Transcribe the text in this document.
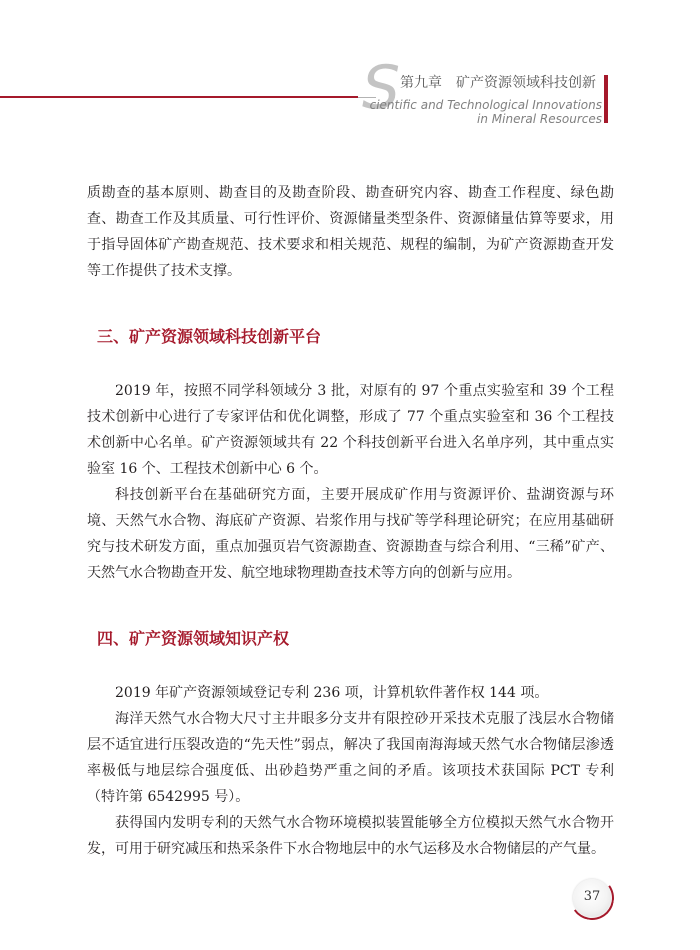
S 第九章　矿产资源领域科技创新
cientific and Technological Innovations
in Mineral Resources

质勘查的基本原则、勘查目的及勘查阶段、勘查研究内容、勘查工作程度、绿色勘查、勘查工作及其质量、可行性评价、资源储量类型条件、资源储量估算等要求，用于指导固体矿产勘查规范、技术要求和相关规范、规程的编制，为矿产资源勘查开发等工作提供了技术支撑。

三、矿产资源领域科技创新平台

2019 年，按照不同学科领域分 3 批，对原有的 97 个重点实验室和 39 个工程技术创新中心进行了专家评估和优化调整，形成了 77 个重点实验室和 36 个工程技术创新中心名单。矿产资源领域共有 22 个科技创新平台进入名单序列，其中重点实验室 16 个、工程技术创新中心 6 个。

科技创新平台在基础研究方面，主要开展成矿作用与资源评价、盐湖资源与环境、天然气水合物、海底矿产资源、岩浆作用与找矿等学科理论研究；在应用基础研究与技术研发方面，重点加强页岩气资源勘查、资源勘查与综合利用、“三稀”矿产、天然气水合物勘查开发、航空地球物理勘查技术等方向的创新与应用。

四、矿产资源领域知识产权

2019 年矿产资源领域登记专利 236 项，计算机软件著作权 144 项。

海洋天然气水合物大尺寸主井眼多分支井有限控砂开采技术克服了浅层水合物储层不适宜进行压裂改造的“先天性”弱点，解决了我国南海海域天然气水合物储层渗透率极低与地层综合强度低、出砂趋势严重之间的矛盾。该项技术获国际 PCT 专利（特许第 6542995 号）。

获得国内发明专利的天然气水合物环境模拟装置能够全方位模拟天然气水合物开发，可用于研究减压和热采条件下水合物地层中的水气运移及水合物储层的产气量。

37
